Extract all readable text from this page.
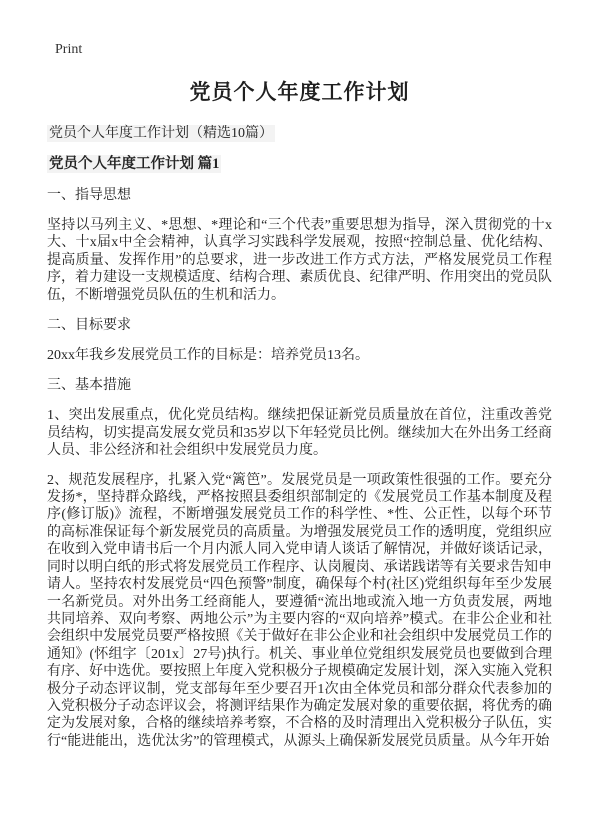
Print
党员个人年度工作计划
党员个人年度工作计划（精选10篇）
党员个人年度工作计划 篇1
一、指导思想

坚持以马列主义、*思想、*理论和“三个代表”重要思想为指导，深入贯彻党的十x大、十x届x中全会精神，认真学习实践科学发展观，按照“控制总量、优化结构、提高质量、发挥作用”的总要求，进一步改进工作方式方法，严格发展党员工作程序，着力建设一支规模适度、结构合理、素质优良、纪律严明、作用突出的党员队伍，不断增强党员队伍的生机和活力。

二、目标要求

20xx年我乡发展党员工作的目标是：培养党员13名。

三、基本措施

1、突出发展重点，优化党员结构。继续把保证新党员质量放在首位，注重改善党员结构，切实提高发展女党员和35岁以下年轻党员比例。继续加大在外出务工经商人员、非公经济和社会组织中发展党员力度。

2、规范发展程序，扎紧入党“篱笆”。发展党员是一项政策性很强的工作。要充分发扬*，坚持群众路线，严格按照县委组织部制定的《发展党员工作基本制度及程序(修订版)》流程，不断增强发展党员工作的科学性、*性、公正性，以每个环节的高标准保证每个新发展党员的高质量。为增强发展党员工作的透明度，党组织应在收到入党申请书后一个月内派人同入党申请人谈话了解情况，并做好谈话记录，同时以明白纸的形式将发展党员工作程序、认岗履岗、承诺践诺等有关要求告知申请人。坚持农村发展党员“四色预警”制度，确保每个村(社区)党组织每年至少发展一名新党员。对外出务工经商能人，要遵循“流出地或流入地一方负责发展，两地共同培养、双向考察、两地公示”为主要内容的“双向培养”模式。在非公企业和社会组织中发展党员要严格按照《关于做好在非公企业和社会组织中发展党员工作的通知》(怀组字〔201x〕27号)执行。机关、事业单位党组织发展党员也要做到合理有序、好中选优。要按照上年度入党积极分子规模确定发展计划，深入实施入党积极分子动态评议制，党支部每年至少要召开1次由全体党员和部分群众代表参加的入党积极分子动态评议会，将测评结果作为确定发展对象的重要依据，将优秀的确定为发展对象，合格的继续培养考察，不合格的及时清理出入党积极分子队伍，实行“能进能出，选优汰劣”的管理模式，从源头上确保新发展党员质量。从今年开始
